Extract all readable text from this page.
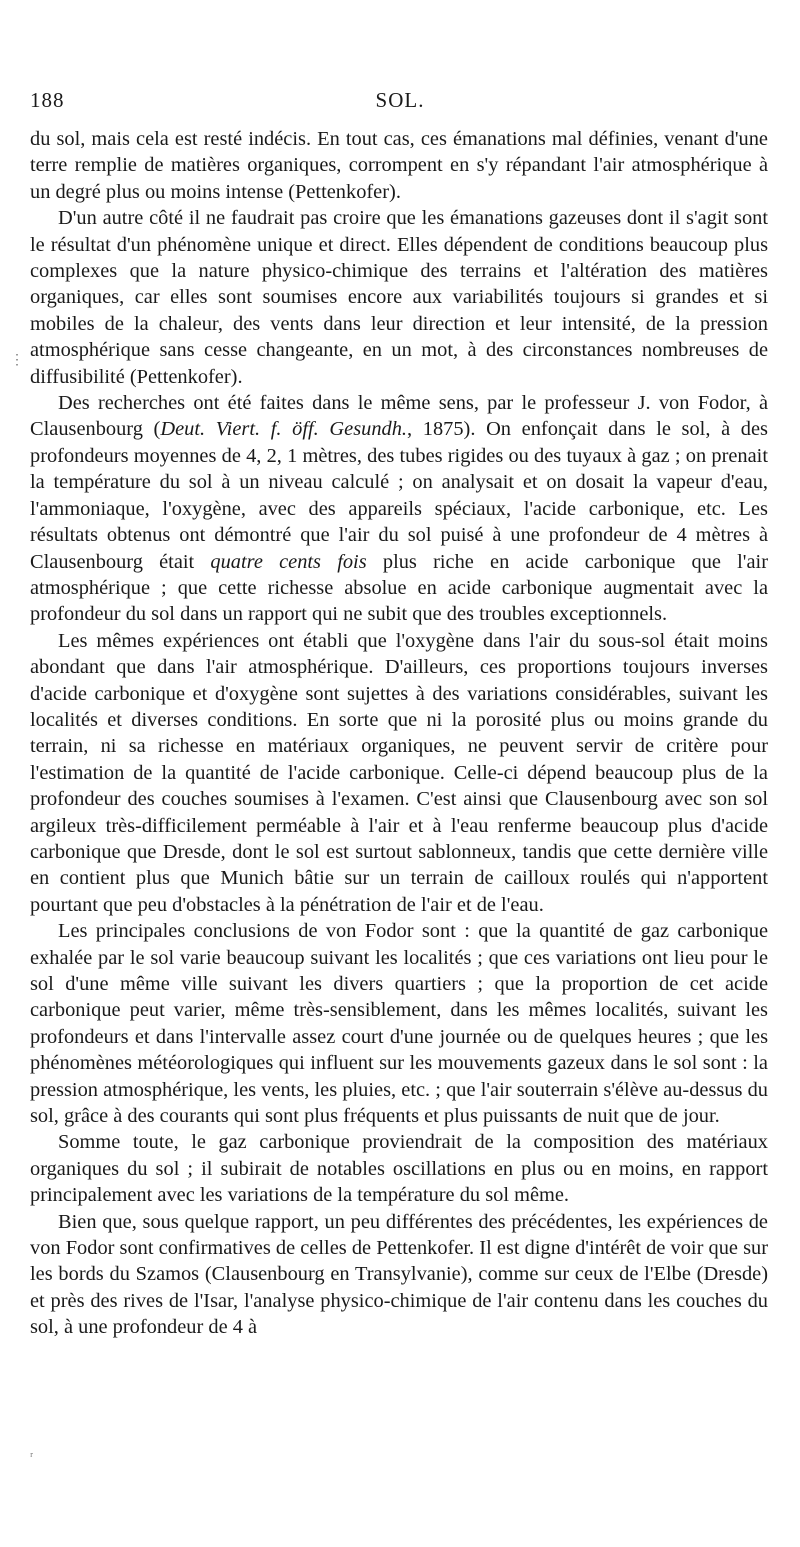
188	SOL.

du sol, mais cela est resté indécis. En tout cas, ces émanations mal définies, venant d'une terre remplie de matières organiques, corrompent en s'y répandant l'air atmosphérique à un degré plus ou moins intense (Pettenkofer).

D'un autre côté il ne faudrait pas croire que les émanations gazeuses dont il s'agit sont le résultat d'un phénomène unique et direct. Elles dépendent de conditions beaucoup plus complexes que la nature physico-chimique des terrains et l'altération des matières organiques, car elles sont soumises encore aux variabilités toujours si grandes et si mobiles de la chaleur, des vents dans leur direction et leur intensité, de la pression atmosphérique sans cesse changeante, en un mot, à des circonstances nombreuses de diffusibilité (Pettenkofer).

Des recherches ont été faites dans le même sens, par le professeur J. von Fodor, à Clausenbourg (Deut. Viert. f. öff. Gesundh., 1875). On enfonçait dans le sol, à des profondeurs moyennes de 4, 2, 1 mètres, des tubes rigides ou des tuyaux à gaz ; on prenait la température du sol à un niveau calculé ; on analysait et on dosait la vapeur d'eau, l'ammoniaque, l'oxygène, avec des appareils spéciaux, l'acide carbonique, etc. Les résultats obtenus ont démontré que l'air du sol puisé à une profondeur de 4 mètres à Clausenbourg était quatre cents fois plus riche en acide carbonique que l'air atmosphérique ; que cette richesse absolue en acide carbonique augmentait avec la profondeur du sol dans un rapport qui ne subit que des troubles exceptionnels.

Les mêmes expériences ont établi que l'oxygène dans l'air du sous-sol était moins abondant que dans l'air atmosphérique. D'ailleurs, ces proportions toujours inverses d'acide carbonique et d'oxygène sont sujettes à des variations considérables, suivant les localités et diverses conditions. En sorte que ni la porosité plus ou moins grande du terrain, ni sa richesse en matériaux organiques, ne peuvent servir de critère pour l'estimation de la quantité de l'acide carbonique. Celle-ci dépend beaucoup plus de la profondeur des couches soumises à l'examen. C'est ainsi que Clausenbourg avec son sol argileux très-difficilement perméable à l'air et à l'eau renferme beaucoup plus d'acide carbonique que Dresde, dont le sol est surtout sablonneux, tandis que cette dernière ville en contient plus que Munich bâtie sur un terrain de cailloux roulés qui n'apportent pourtant que peu d'obstacles à la pénétration de l'air et de l'eau.

Les principales conclusions de von Fodor sont : que la quantité de gaz carbonique exhalée par le sol varie beaucoup suivant les localités ; que ces variations ont lieu pour le sol d'une même ville suivant les divers quartiers ; que la proportion de cet acide carbonique peut varier, même très-sensiblement, dans les mêmes localités, suivant les profondeurs et dans l'intervalle assez court d'une journée ou de quelques heures ; que les phénomènes météorologiques qui influent sur les mouvements gazeux dans le sol sont : la pression atmosphérique, les vents, les pluies, etc. ; que l'air souterrain s'élève au-dessus du sol, grâce à des courants qui sont plus fréquents et plus puissants de nuit que de jour.

Somme toute, le gaz carbonique proviendrait de la composition des matériaux organiques du sol ; il subirait de notables oscillations en plus ou en moins, en rapport principalement avec les variations de la température du sol même.

Bien que, sous quelque rapport, un peu différentes des précédentes, les expériences de von Fodor sont confirmatives de celles de Pettenkofer. Il est digne d'intérêt de voir que sur les bords du Szamos (Clausenbourg en Transylvanie), comme sur ceux de l'Elbe (Dresde) et près des rives de l'Isar, l'analyse physico-chimique de l'air contenu dans les couches du sol, à une profondeur de 4 à

⋮
ʳ
